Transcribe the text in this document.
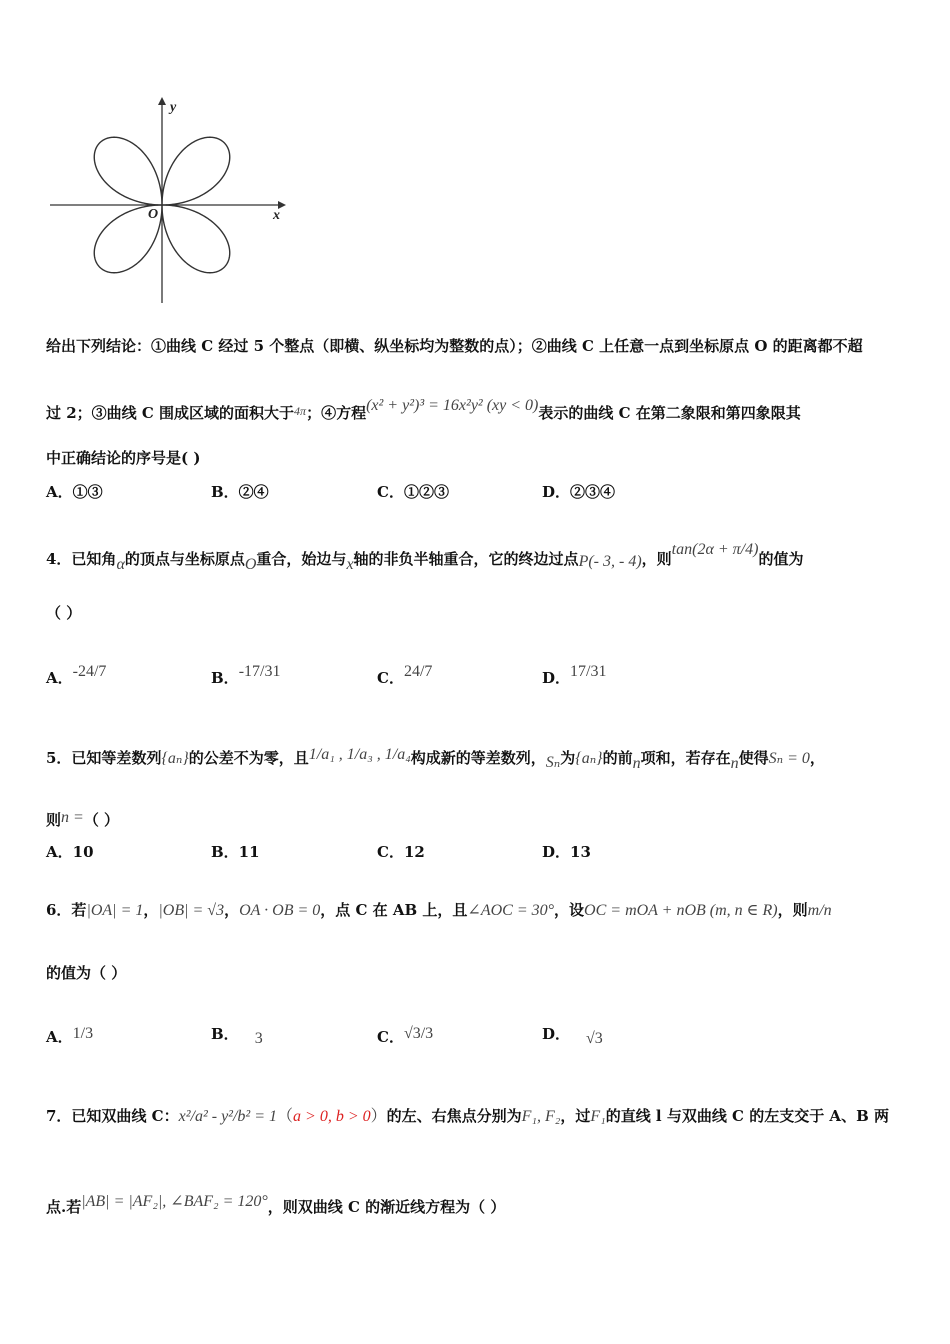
y
x
O
给出下列结论：①曲线 C 经过 5 个整点（即横、纵坐标均为整数的点）；②曲线 C 上任意一点到坐标原点 O 的距离都不超
过 2；③曲线 C 围成区域的面积大于$^{4\pi}$；④方程(x² + y²)³ = 16x²y² (xy < 0)表示的曲线 C 在第二象限和第四象限其
中正确结论的序号是( )
A．①③	B．②④	C．①②③	D．②③④
4．已知角α的顶点与坐标原点O重合，始边与x轴的非负半轴重合，它的终边过点P(- 3, - 4)，则tan(2α + π/4)的值为
（ ）
A．-24/7	B．-17/31	C．24/7	D．17/31
5．已知等差数列{aₙ}的公差不为零，且1/a₁ , 1/a₃ , 1/a₄构成新的等差数列，Sₙ为{aₙ}的前n项和，若存在n使得Sₙ = 0，
则n =（ ）
A．10	B．11	C．12	D．13
6．若|OA| = 1，|OB| = √3，OA · OB = 0，点 C 在 AB 上，且∠AOC = 30°，设OC = mOA + nOB (m, n ∈ R)，则m/n
的值为（ ）
A．1/3	B． 3	C．√3/3	D． √3
7．已知双曲线 C：x²/a² - y²/b² = 1（a > 0, b > 0）的左、右焦点分别为F₁, F₂，过F₁的直线 l 与双曲线 C 的左支交于 A、B 两
点.若|AB| = |AF₂|, ∠BAF₂ = 120°，则双曲线 C 的渐近线方程为（ ）
